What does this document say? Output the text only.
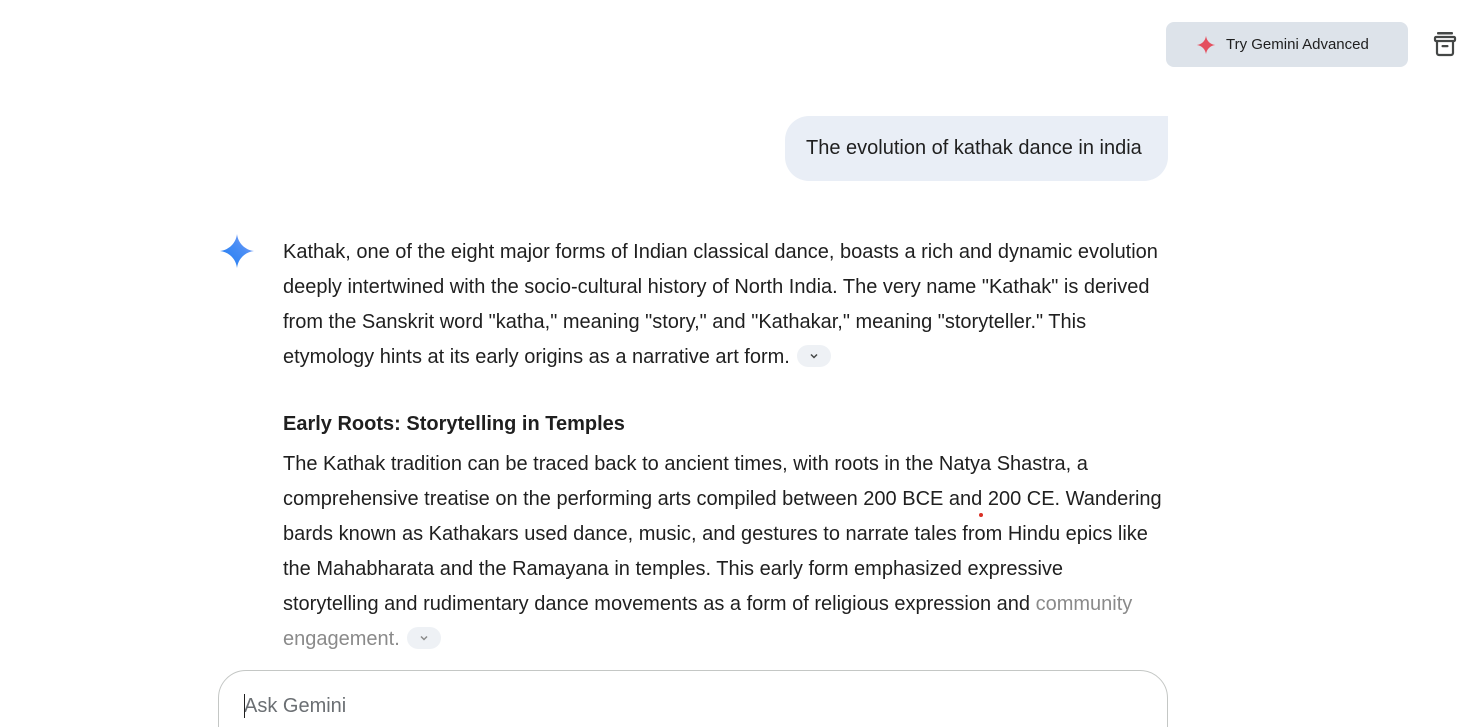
Try Gemini Advanced
The evolution of kathak dance in india

Kathak, one of the eight major forms of Indian classical dance, boasts a rich and dynamic evolution deeply intertwined with the socio-cultural history of North India. The very name "Kathak" is derived from the Sanskrit word "katha," meaning "story," and "Kathakar," meaning "storyteller." This etymology hints at its early origins as a narrative art form.

Early Roots: Storytelling in Temples

The Kathak tradition can be traced back to ancient times, with roots in the Natya Shastra, a comprehensive treatise on the performing arts compiled between 200 BCE and 200 CE. Wandering bards known as Kathakars used dance, music, and gestures to narrate tales from Hindu epics like the Mahabharata and the Ramayana in temples. This early form emphasized expressive storytelling and rudimentary dance movements as a form of religious expression and community engagement.

Ask Gemini
